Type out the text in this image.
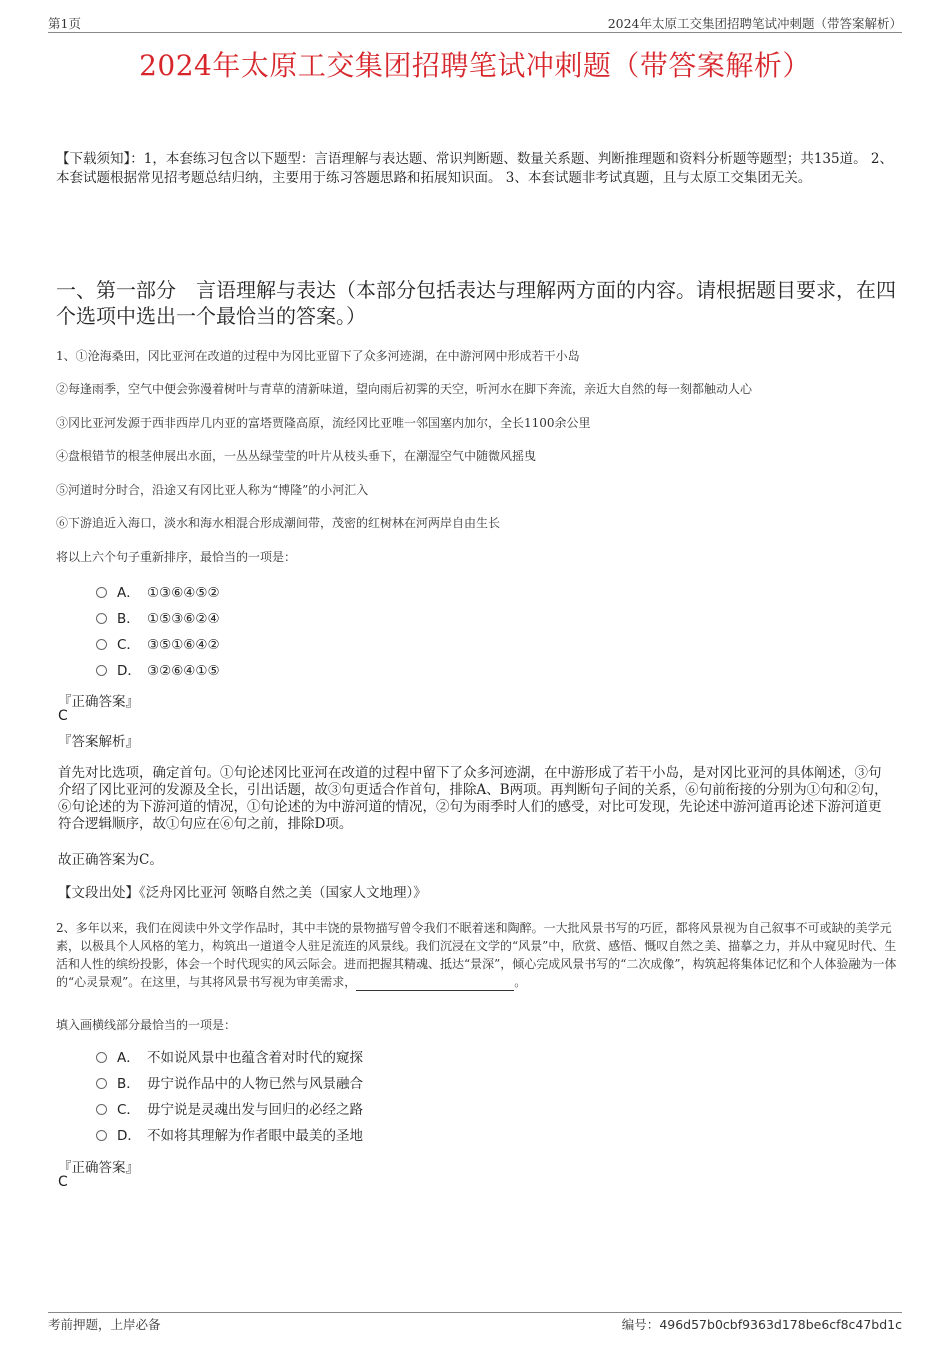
第1页	2024年太原工交集团招聘笔试冲刺题（带答案解析）
2024年太原工交集团招聘笔试冲刺题（带答案解析）
【下载须知】：1，本套练习包含以下题型：言语理解与表达题、常识判断题、数量关系题、判断推理题和资料分析题等题型；共135道。 2、本套试题根据常见招考题总结归纳，主要用于练习答题思路和拓展知识面。 3、本套试题非考试真题，且与太原工交集团无关。
一、第一部分　言语理解与表达（本部分包括表达与理解两方面的内容。请根据题目要求，在四个选项中选出一个最恰当的答案。）
1、①沧海桑田，冈比亚河在改道的过程中为冈比亚留下了众多河迹湖，在中游河网中形成若干小岛
②每逢雨季，空气中便会弥漫着树叶与青草的清新味道，望向雨后初霁的天空，听河水在脚下奔流，亲近大自然的每一刻都触动人心
③冈比亚河发源于西非西岸几内亚的富塔贾隆高原，流经冈比亚唯一邻国塞内加尔，全长1100余公里
④盘根错节的根茎伸展出水面，一丛丛绿莹莹的叶片从枝头垂下，在潮湿空气中随微风摇曳
⑤河道时分时合，沿途又有冈比亚人称为“博隆”的小河汇入
⑥下游追近入海口，淡水和海水相混合形成潮间带，茂密的红树林在河两岸自由生长
将以上六个句子重新排序，最恰当的一项是：
A． ①③⑥④⑤②
B． ①⑤③⑥②④
C． ③⑤①⑥④②
D． ③②⑥④①⑤
『正确答案』
C
『答案解析』
首先对比选项，确定首句。①句论述冈比亚河在改道的过程中留下了众多河迹湖，在中游形成了若干小岛，是对冈比亚河的具体阐述，③句介绍了冈比亚河的发源及全长，引出话题，故③句更适合作首句，排除A、B两项。再判断句子间的关系，⑥句前衔接的分别为①句和②句，⑥句论述的为下游河道的情况，①句论述的为中游河道的情况，②句为雨季时人们的感受，对比可发现，先论述中游河道再论述下游河道更符合逻辑顺序，故①句应在⑥句之前，排除D项。
故正确答案为C。
【文段出处】《泛舟冈比亚河 领略自然之美（国家人文地理）》
2、多年以来，我们在阅读中外文学作品时，其中丰饶的景物描写曾令我们不眠着迷和陶醉。一大批风景书写的巧匠，都将风景视为自己叙事不可或缺的美学元素，以极具个人风格的笔力，构筑出一道道令人驻足流连的风景线。我们沉浸在文学的“风景”中，欣赏、感悟、慨叹自然之美、描摹之力，并从中窥见时代、生活和人性的缤纷投影，体会一个时代现实的风云际会。进而把握其精魂、抵达“景深”，倾心完成风景书写的“二次成像”，构筑起将集体记忆和个人体验融为一体的“心灵景观”。在这里，与其将风景书写视为审美需求，	。
填入画横线部分最恰当的一项是：
A． 不如说风景中也蕴含着对时代的窥探
B． 毋宁说作品中的人物已然与风景融合
C． 毋宁说是灵魂出发与回归的必经之路
D． 不如将其理解为作者眼中最美的圣地
『正确答案』
C
考前押题，上岸必备	编号：496d57b0cbf9363d178be6cf8c47bd1c
